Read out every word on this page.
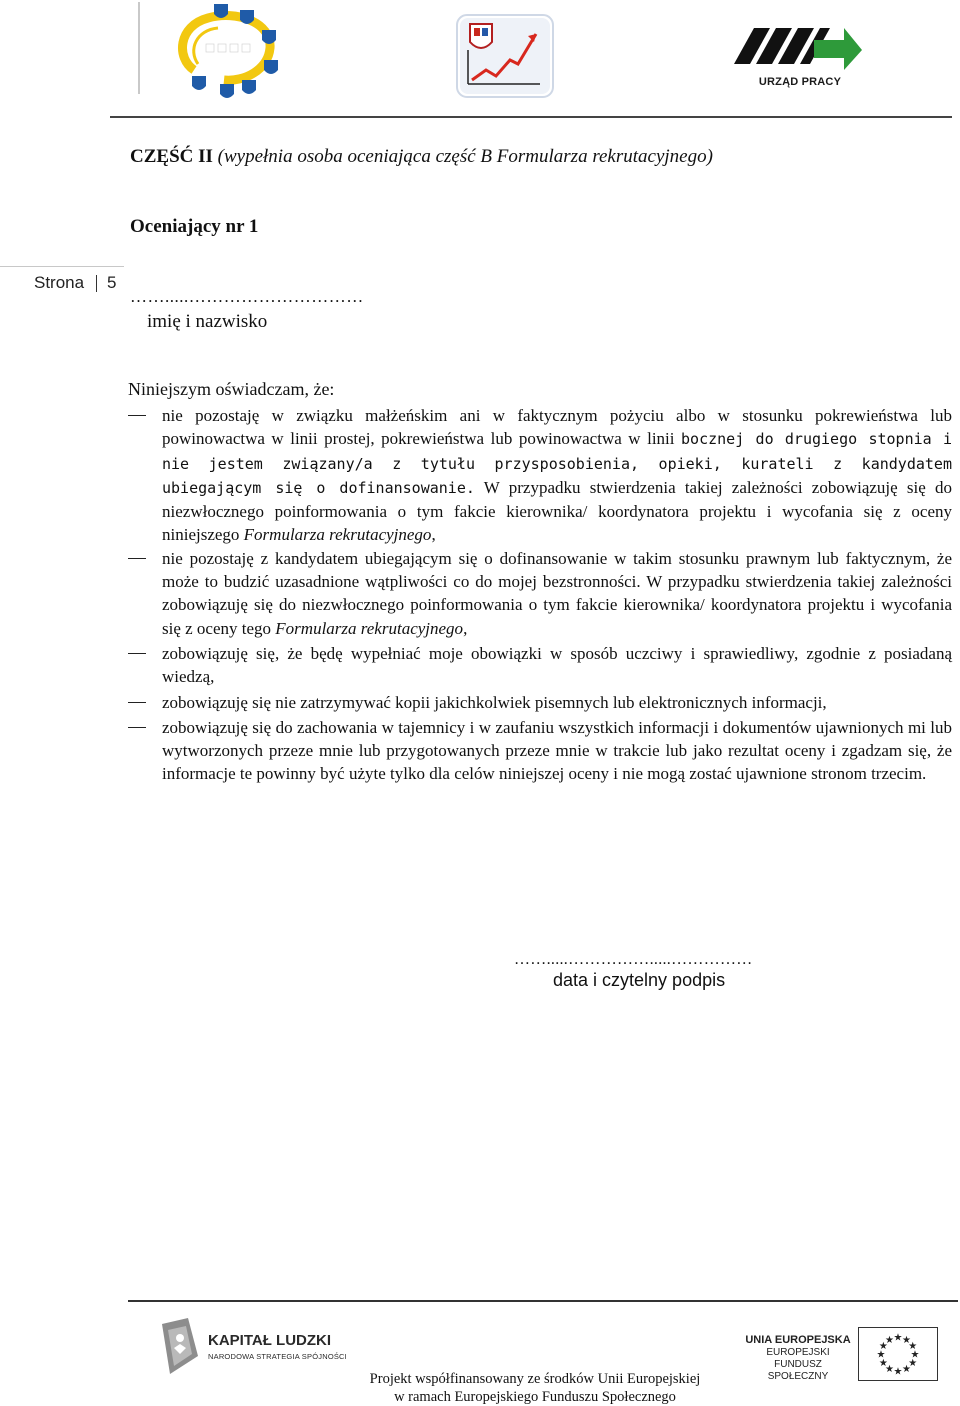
URZĄD PRACY
Strona 5
CZĘŚĆ II (wypełnia osoba oceniająca część B Formularza rekrutacyjnego)
Oceniający nr 1
…….....…………………………
imię i nazwisko

Niniejszym oświadczam, że:

nie pozostaję w związku małżeńskim ani w faktycznym pożyciu albo w stosunku pokrewieństwa lub powinowactwa w linii prostej, pokrewieństwa lub powinowactwa w linii bocznej do drugiego stopnia i nie jestem związany/a z tytułu przysposobienia, opieki, kurateli z kandydatem ubiegającym się o dofinansowanie. W przypadku stwierdzenia takiej zależności zobowiązuję się do niezwłocznego poinformowania o tym fakcie kierownika/ koordynatora projektu i wycofania się z oceny niniejszego Formularza rekrutacyjnego,
nie pozostaję z kandydatem ubiegającym się o dofinansowanie w takim stosunku prawnym lub faktycznym, że może to budzić uzasadnione wątpliwości co do mojej bezstronności. W przypadku stwierdzenia takiej zależności zobowiązuję się do niezwłocznego poinformowania o tym fakcie kierownika/ koordynatora projektu i wycofania się z oceny tego Formularza rekrutacyjnego,
zobowiązuję się, że będę wypełniać moje obowiązki w sposób uczciwy i sprawiedliwy, zgodnie z posiadaną wiedzą,
zobowiązuję się nie zatrzymywać kopii jakichkolwiek pisemnych lub elektronicznych informacji,
zobowiązuję się do zachowania w tajemnicy i w zaufaniu wszystkich informacji i dokumentów ujawnionych mi lub wytworzonych przeze mnie lub przygotowanych przeze mnie w trakcie lub jako rezultat oceny i zgadzam się, że informacje te powinny być użyte tylko dla celów niniejszej oceny i nie mogą zostać ujawnione stronom trzecim.
…….....…………….....……………
data i czytelny podpis
KAPITAŁ LUDZKI
NARODOWA STRATEGIA SPÓJNOŚCI
UNIA EUROPEJSKA
EUROPEJSKI
FUNDUSZ SPOŁECZNY
★
★
★
★
★
★
★
★
★ ★ ★
★
Projekt współfinansowany ze środków Unii Europejskiej
w ramach Europejskiego Funduszu Społecznego
